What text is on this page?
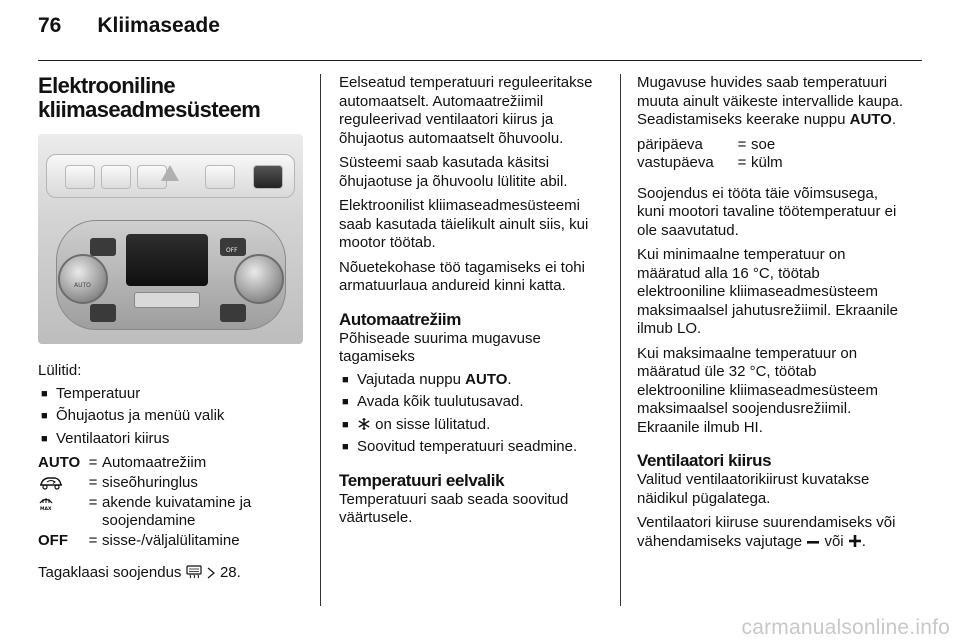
76 Kliimaseade
Elektrooniline
kliimaseadmesüsteem
OFF
AUTO

Lülitid:

■ Temperatuur
■ Õhujaotus ja menüü valik
■ Ventilaatori kiirus
AUTO	=	Automaatrežiim
	=	siseõhuringlus

MAX	=	akende kuivatamine ja soojendamine
OFF	=	sisse-/väljalülitamine

Tagaklaasi soojendus	28.

Eelseatud temperatuuri reguleeritakse automaatselt. Automaatrežiimil reguleerivad ventilaatori kiirus ja õhujaotus automaatselt õhuvoolu.

Süsteemi saab kasutada käsitsi õhujaotuse ja õhuvoolu lülitite abil.

Elektroonilist kliimaseadmesüsteemi saab kasutada täielikult ainult siis, kui mootor töötab.

Nõuetekohase töö tagamiseks ei tohi armatuurlaua andureid kinni katta.

Automaatrežiim

Põhiseade suurima mugavuse tagamiseks

■ Vajutada nuppu AUTO.
■ Avada kõik tuulutusavad.
■ on sisse lülitatud.
■ Soovitud temperatuuri seadmine.
Temperatuuri eelvalik

Temperatuuri saab seada soovitud väärtusele.

Mugavuse huvides saab temperatuuri muuta ainult väikeste intervallide kaupa. Seadistamiseks keerake nuppu AUTO.

päripäeva	=	soe
vastupäeva	=	külm

Soojendus ei tööta täie võimsusega, kuni mootori tavaline töötemperatuur ei ole saavutatud.

Kui minimaalne temperatuur on määratud alla 16 °C, töötab elektrooniline kliimaseadmesüsteem maksimaalsel jahutusrežiimil. Ekraanile ilmub LO.

Kui maksimaalne temperatuur on määratud üle 32 °C, töötab elektrooniline kliimaseadmesüsteem maksimaalsel soojendusrežiimil. Ekraanile ilmub HI.

Ventilaatori kiirus

Valitud ventilaatorikiirust kuvatakse näidikul pügalatega.

Ventilaatori kiiruse suurendamiseks või vähendamiseks vajutage  või .

carmanualsonline.info
